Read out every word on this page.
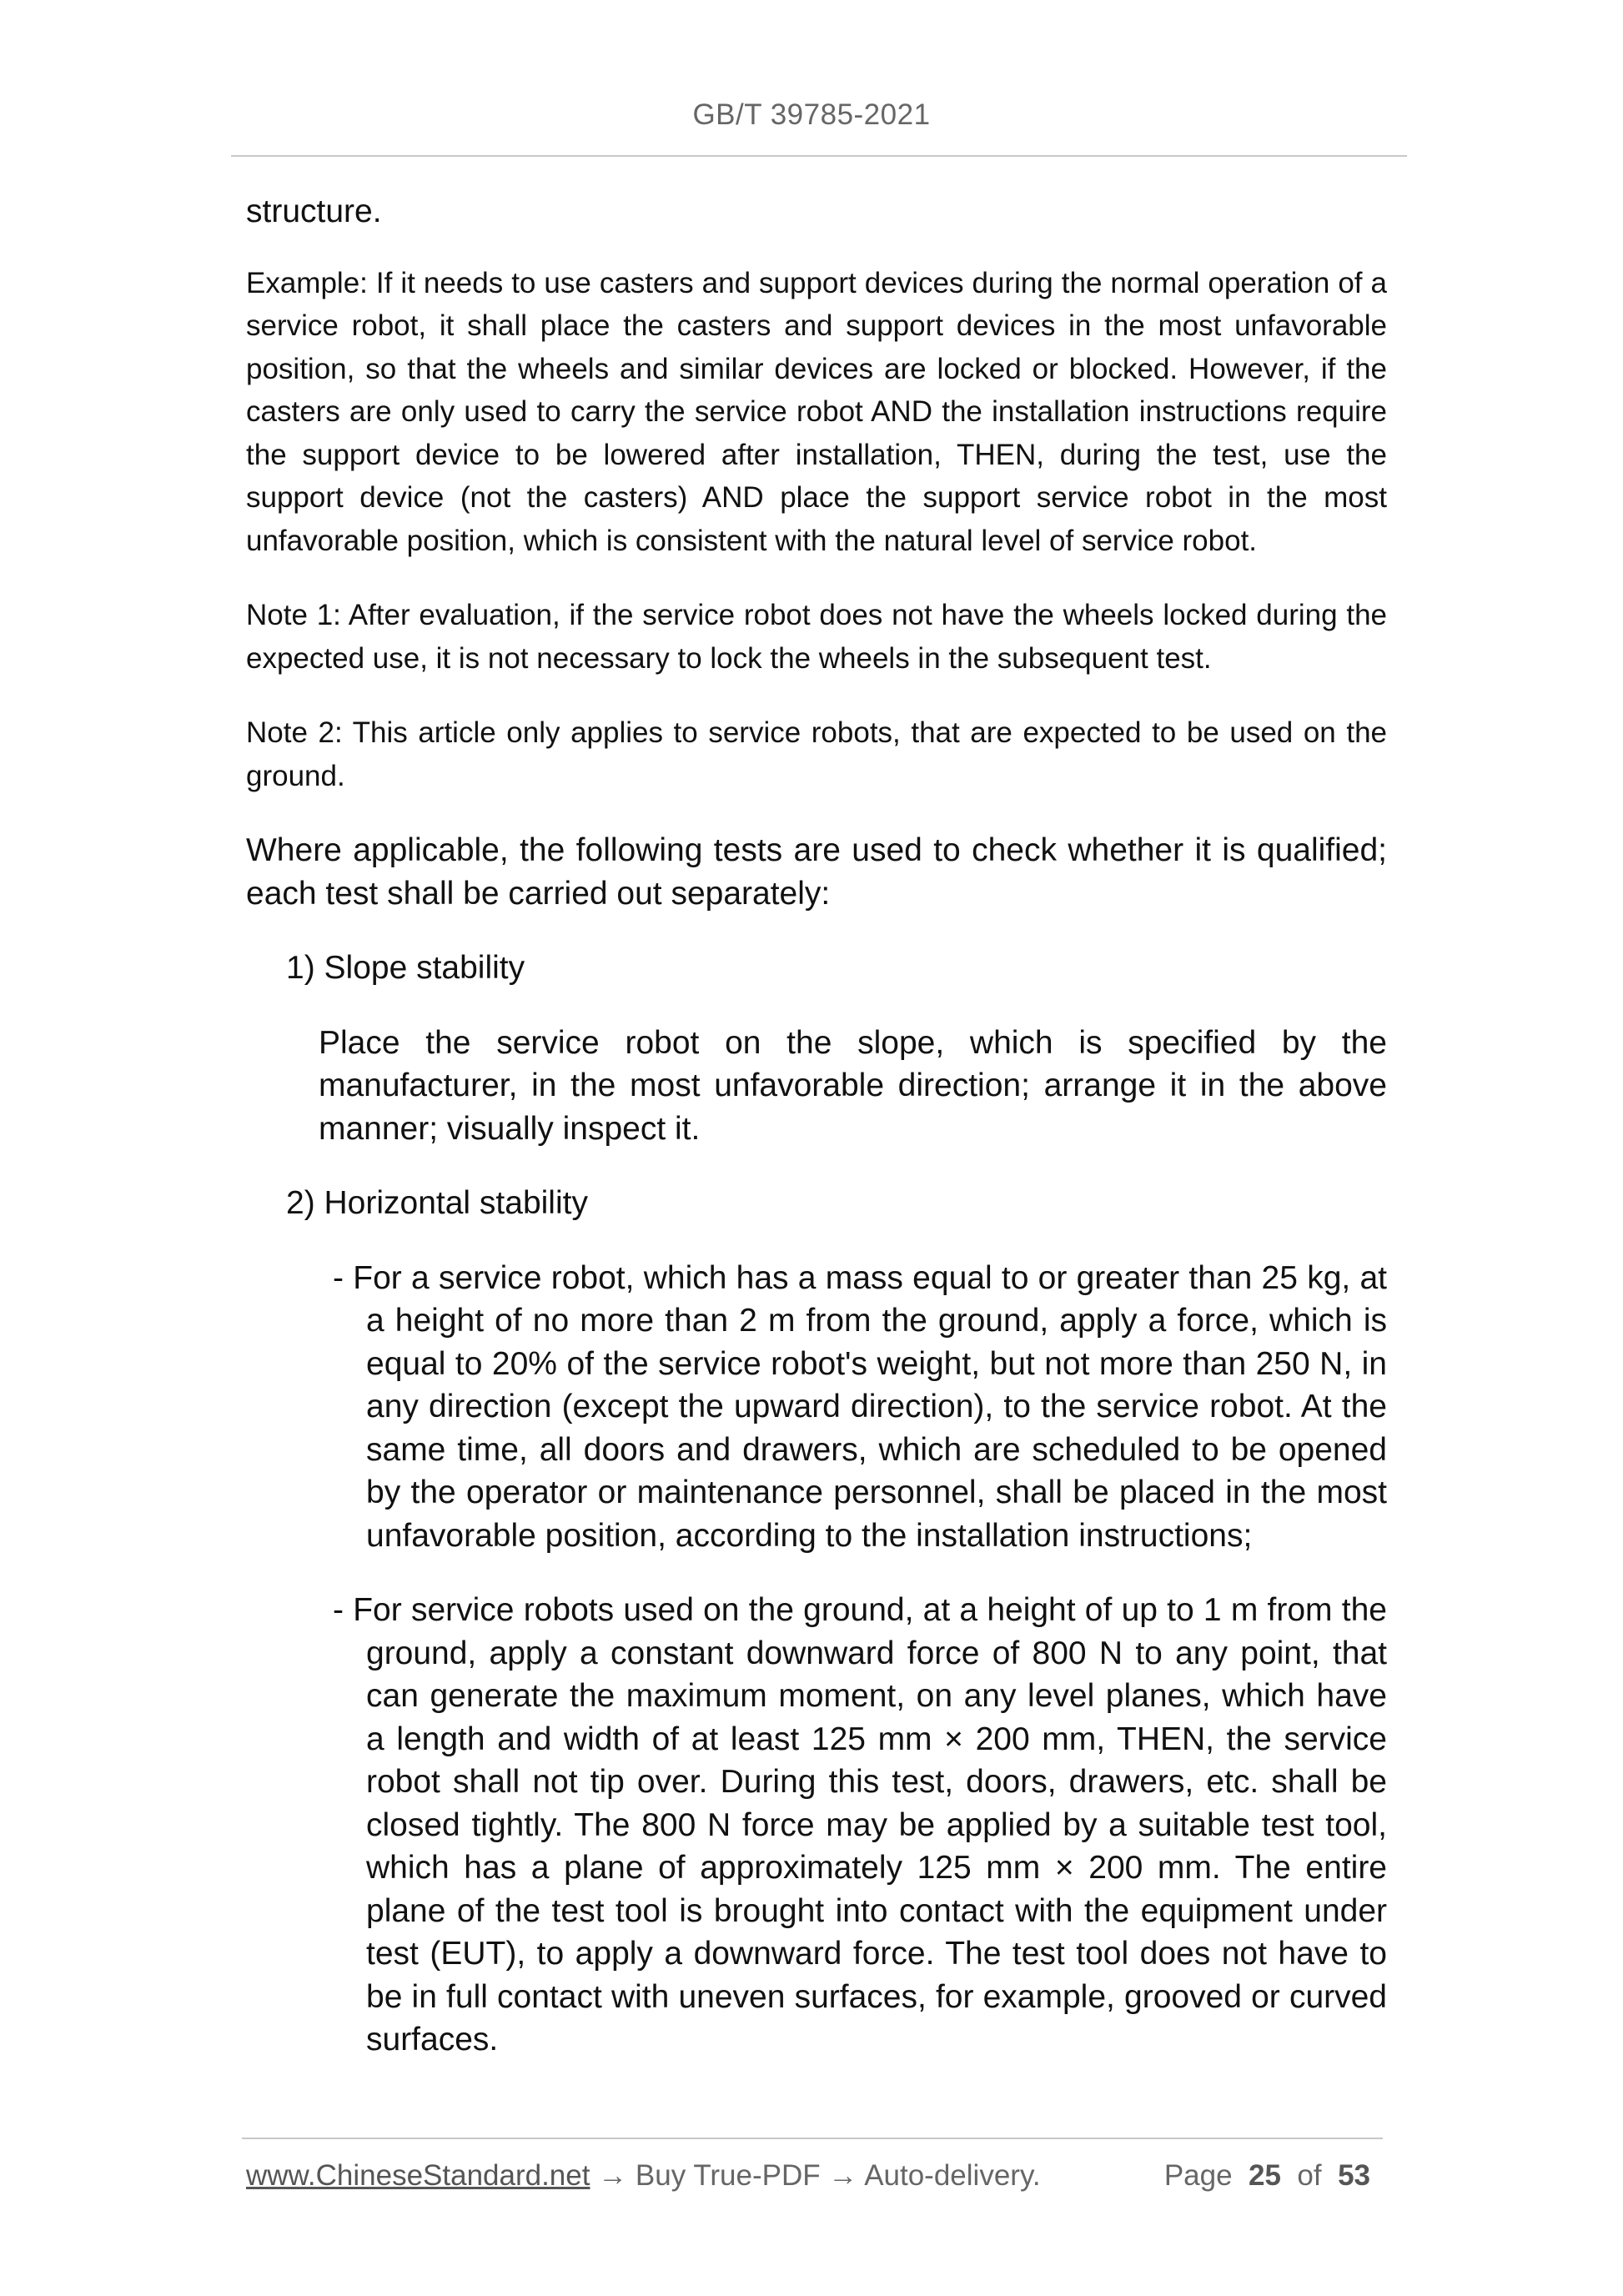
GB/T 39785-2021

structure.

Example: If it needs to use casters and support devices during the normal operation of a service robot, it shall place the casters and support devices in the most unfavorable position, so that the wheels and similar devices are locked or blocked. However, if the casters are only used to carry the service robot AND the installation instructions require the support device to be lowered after installation, THEN, during the test, use the support device (not the casters) AND place the support service robot in the most unfavorable position, which is consistent with the natural level of service robot.

Note 1: After evaluation, if the service robot does not have the wheels locked during the expected use, it is not necessary to lock the wheels in the subsequent test.

Note 2: This article only applies to service robots, that are expected to be used on the ground.

Where applicable, the following tests are used to check whether it is qualified; each test shall be carried out separately:

1) Slope stability

Place the service robot on the slope, which is specified by the manufacturer, in the most unfavorable direction; arrange it in the above manner; visually inspect it.

2) Horizontal stability

- For a service robot, which has a mass equal to or greater than 25 kg, at a height of no more than 2 m from the ground, apply a force, which is equal to 20% of the service robot's weight, but not more than 250 N, in any direction (except the upward direction), to the service robot. At the same time, all doors and drawers, which are scheduled to be opened by the operator or maintenance personnel, shall be placed in the most unfavorable position, according to the installation instructions;

- For service robots used on the ground, at a height of up to 1 m from the ground, apply a constant downward force of 800 N to any point, that can generate the maximum moment, on any level planes, which have a length and width of at least 125 mm × 200 mm, THEN, the service robot shall not tip over. During this test, doors, drawers, etc. shall be closed tightly. The 800 N force may be applied by a suitable test tool, which has a plane of approximately 125 mm × 200 mm. The entire plane of the test tool is brought into contact with the equipment under test (EUT), to apply a downward force. The test tool does not have to be in full contact with uneven surfaces, for example, grooved or curved surfaces.

www.ChineseStandard.net → Buy True-PDF → Auto-delivery.	Page 25 of 53
